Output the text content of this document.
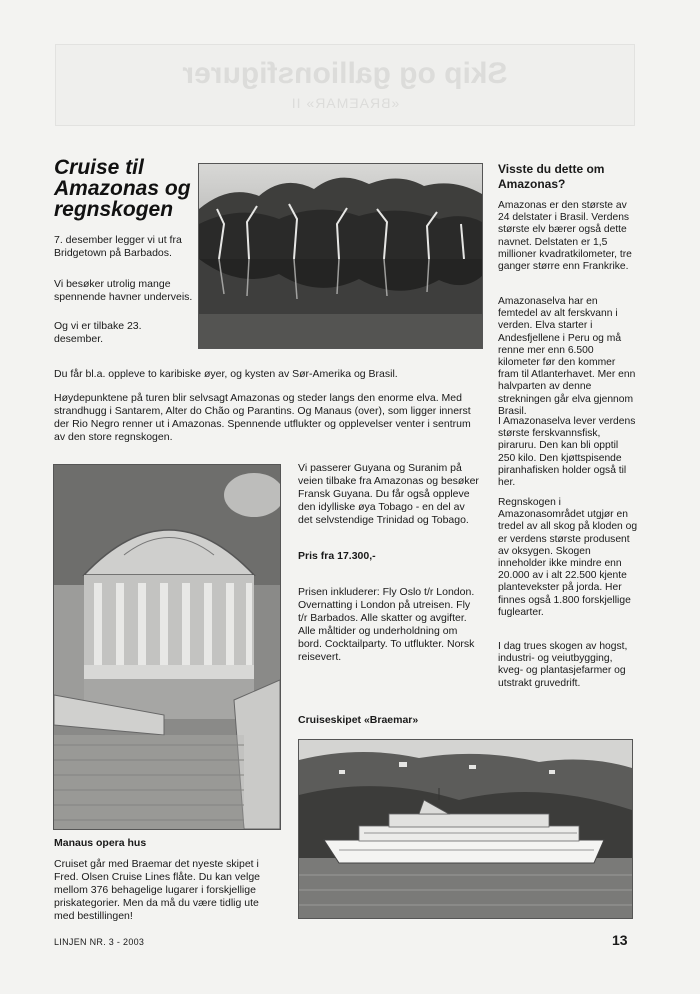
Skip og gallionsfigurer
«BRAEMAR» II
Cruise til Amazonas og regnskogen
7. desember legger vi ut fra Bridgetown på Barbados.
Vi besøker utrolig mange spennende havner underveis.
Og vi er tilbake 23. desember.
Du får bl.a. oppleve to karibiske øyer, og kysten av Sør-Amerika og Brasil.
Høydepunktene på turen blir selvsagt Amazonas og steder langs den enorme elva. Med strandhugg i Santarem, Alter do Chão og Parantins. Og Manaus (over), som ligger innerst der Rio Negro renner ut i Amazonas. Spennende utflukter og opplevelser venter i sentrum av den store regnskogen.
Manaus opera hus
Cruiset går med Braemar det nyeste skipet i Fred. Olsen Cruise Lines flåte. Du kan velge mellom 376 behagelige lugarer i forskjellige priskategorier. Men da må du være tidlig ute med bestillingen!
Vi passerer Guyana og Suranim på veien tilbake fra Amazonas og besøker Fransk Guyana. Du får også oppleve den idylliske øya Tobago - en del av det selvstendige Trinidad og Tobago.
Pris fra 17.300,-
Prisen inkluderer: Fly Oslo t/r London. Overnatting i London på utreisen. Fly t/r Barbados. Alle skatter og avgifter. Alle måltider og underholdning om bord. Cocktailparty. To utflukter. Norsk reisevert.
Cruiseskipet «Braemar»
Visste du dette om Amazonas?
Amazonas er den største av 24 delstater i Brasil. Verdens største elv bærer også dette navnet. Delstaten er 1,5 millioner kvadratkilometer, tre ganger større enn Frankrike.
Amazonaselva har en femtedel av alt ferskvann i verden. Elva starter i Andesfjellene i Peru og må renne mer enn 6.500 kilometer før den kommer fram til Atlanterhavet. Mer enn halvparten av denne strekningen går elva gjennom Brasil.
I Amazonaselva lever verdens største ferskvannsfisk, piraruru. Den kan bli opptil 250 kilo. Den kjøttspisende piranhafisken holder også til her.
Regnskogen i Amazonasområdet utgjør en tredel av all skog på kloden og er verdens største produsent av oksygen. Skogen inneholder ikke mindre enn 20.000 av i alt 22.500 kjente plantevekster på jorda. Her finnes også 1.800 forskjellige fuglearter.
I dag trues skogen av hogst, industri- og veiutbygging, kveg- og plantasjefarmer og utstrakt gruvedrift.
LINJEN NR. 3 - 2003	13
